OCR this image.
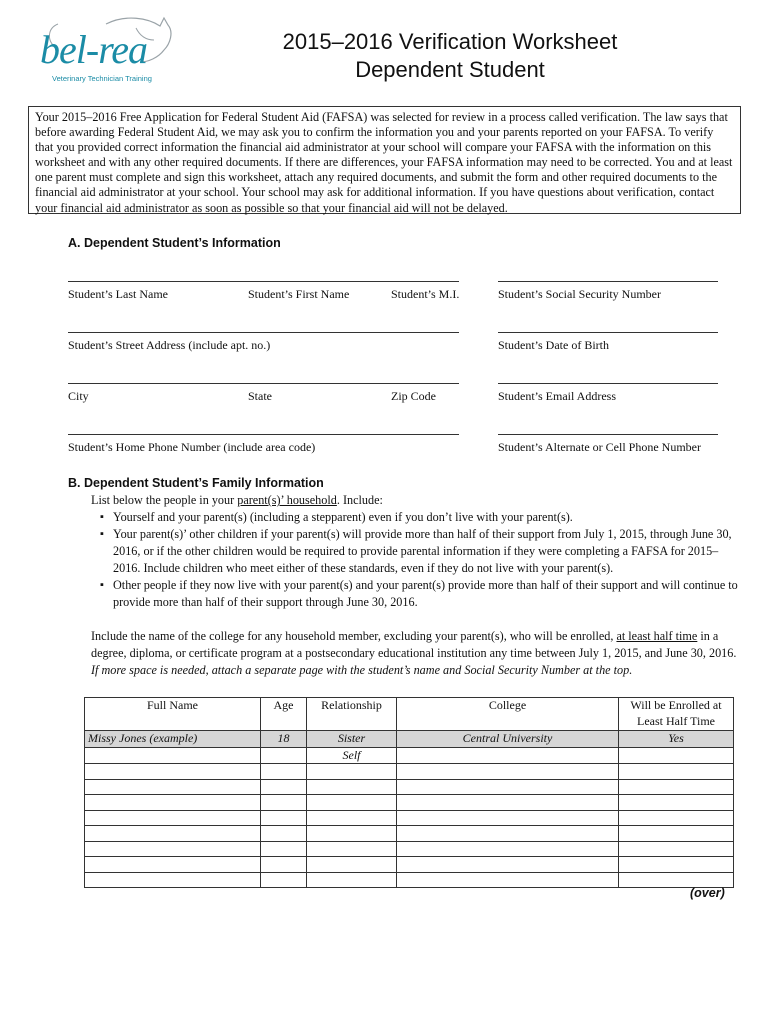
bel-rea
Veterinary Technician Training
2015–2016 Verification Worksheet
Dependent Student
Your 2015–2016 Free Application for Federal Student Aid (FAFSA) was selected for review in a process called verification. The law says that before awarding Federal Student Aid, we may ask you to confirm the information you and your parents reported on your FAFSA. To verify that you provided correct information the financial aid administrator at your school will compare your FAFSA with the information on this worksheet and with any other required documents. If there are differences, your FAFSA information may need to be corrected. You and at least one parent must complete and sign this worksheet, attach any required documents, and submit the form and other required documents to the financial aid administrator at your school. Your school may ask for additional information. If you have questions about verification, contact your financial aid administrator as soon as possible so that your financial aid will not be delayed.
A. Dependent Student’s Information
Student’s Last Name	Student’s First Name	Student’s M.I.	Student’s Social Security Number
Student’s Street Address (include apt. no.)	Student’s Date of Birth
City	State	Zip Code	Student’s Email Address
Student’s Home Phone Number (include area code)	Student’s Alternate or Cell Phone Number
B. Dependent Student’s Family Information
List below the people in your parent(s)’ household. Include:
▪ Yourself and your parent(s) (including a stepparent) even if you don’t live with your parent(s).
▪ Your parent(s)’ other children if your parent(s) will provide more than half of their support from July 1, 2015, through June 30, 2016, or if the other children would be required to provide parental information if they were completing a FAFSA for 2015–2016. Include children who meet either of these standards, even if they do not live with your parent(s).
▪ Other people if they now live with your parent(s) and your parent(s) provide more than half of their support and will continue to provide more than half of their support through June 30, 2016.
Include the name of the college for any household member, excluding your parent(s), who will be enrolled, at least half time in a degree, diploma, or certificate program at a postsecondary educational institution any time between July 1, 2015, and June 30, 2016. If more space is needed, attach a separate page with the student’s name and Social Security Number at the top.
Full Name	Age	Relationship	College	Will be Enrolled at
Least Half Time
Missy Jones (example)	18	Sister	Central University	Yes
		Self		

(over)
